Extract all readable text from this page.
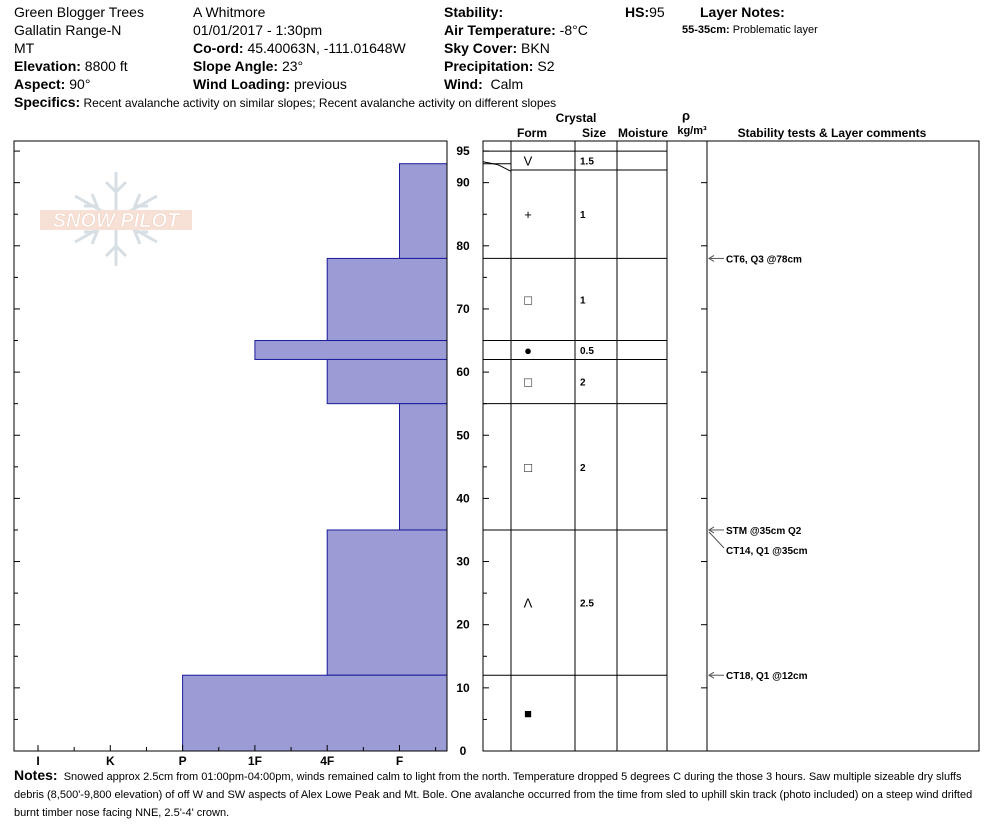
Green Blogger Trees
Gallatin Range-N
MT
Elevation: 8800 ft
Aspect: 90°
A Whitmore
01/01/2017 - 1:30pm
Co-ord: 45.40063N, -111.01648W
Slope Angle: 23°
Wind Loading: previous
Stability:
Air Temperature: -8°C
Sky Cover: BKN
Precipitation: S2
Wind: Calm
HS:95	Layer Notes:
55-35cm: Problematic layer
Specifics: Recent avalanche activity on similar slopes; Recent avalanche activity on different slopes
Crystal
Form	Size Moisture
ρ
kg/m³	Stability tests & Layer comments
SNOW PILOT
0
10
20
30
40
50
60
70
80
90
95
I	K	P	1F	4F	F
V	1.5
+	1
□	1
●	0.5
□	2
□	2
Λ	2.5
■
CT6, Q3 @78cm
STM @35cm Q2
CT14, Q1 @35cm
CT18, Q1 @12cm
Notes: Snowed approx 2.5cm from 01:00pm-04:00pm, winds remained calm to light from the north. Temperature dropped 5 degrees C during the those 3 hours. Saw multiple sizeable dry sluffs debris (8,500'-9,800 elevation) of off W and SW aspects of Alex Lowe Peak and Mt. Bole. One avalanche occurred from the time from sled to uphill skin track (photo included) on a steep wind drifted burnt timber nose facing NNE, 2.5'-4' crown.
